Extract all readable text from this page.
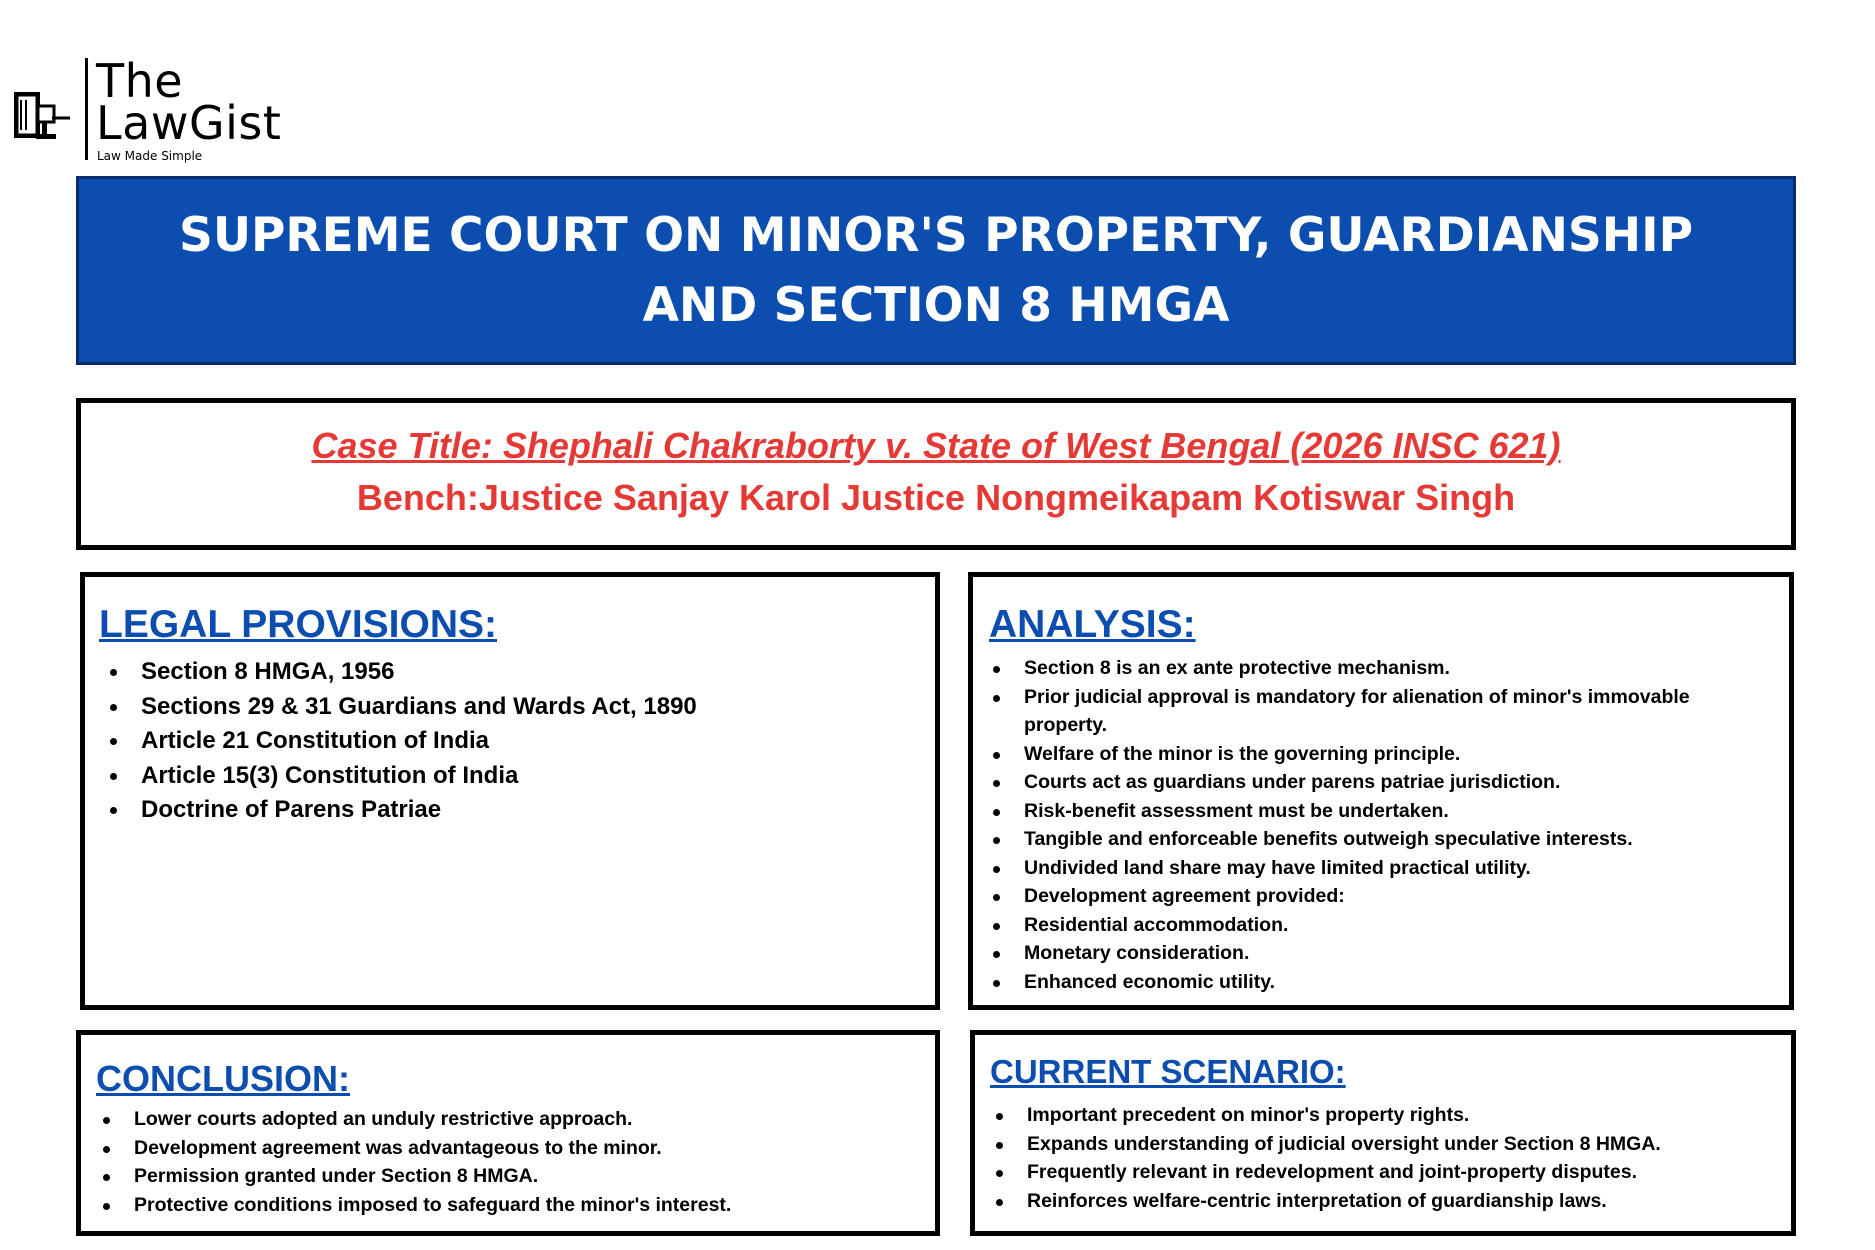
The
LawGist
Law Made Simple
SUPREME COURT ON MINOR'S PROPERTY, GUARDIANSHIP AND SECTION 8 HMGA
Case Title: Shephali Chakraborty v. State of West Bengal (2026 INSC 621)
Bench:Justice Sanjay Karol Justice Nongmeikapam Kotiswar Singh
LEGAL PROVISIONS:
Section 8 HMGA, 1956
Sections 29 & 31 Guardians and Wards Act, 1890
Article 21 Constitution of India
Article 15(3) Constitution of India
Doctrine of Parens Patriae
ANALYSIS:
Section 8 is an ex ante protective mechanism.
Prior judicial approval is mandatory for alienation of minor's immovable property.
Welfare of the minor is the governing principle.
Courts act as guardians under parens patriae jurisdiction.
Risk-benefit assessment must be undertaken.
Tangible and enforceable benefits outweigh speculative interests.
Undivided land share may have limited practical utility.
Development agreement provided:
Residential accommodation.
Monetary consideration.
Enhanced economic utility.
CONCLUSION:
Lower courts adopted an unduly restrictive approach.
Development agreement was advantageous to the minor.
Permission granted under Section 8 HMGA.
Protective conditions imposed to safeguard the minor's interest.
CURRENT SCENARIO:
Important precedent on minor's property rights.
Expands understanding of judicial oversight under Section 8 HMGA.
Frequently relevant in redevelopment and joint-property disputes.
Reinforces welfare-centric interpretation of guardianship laws.
